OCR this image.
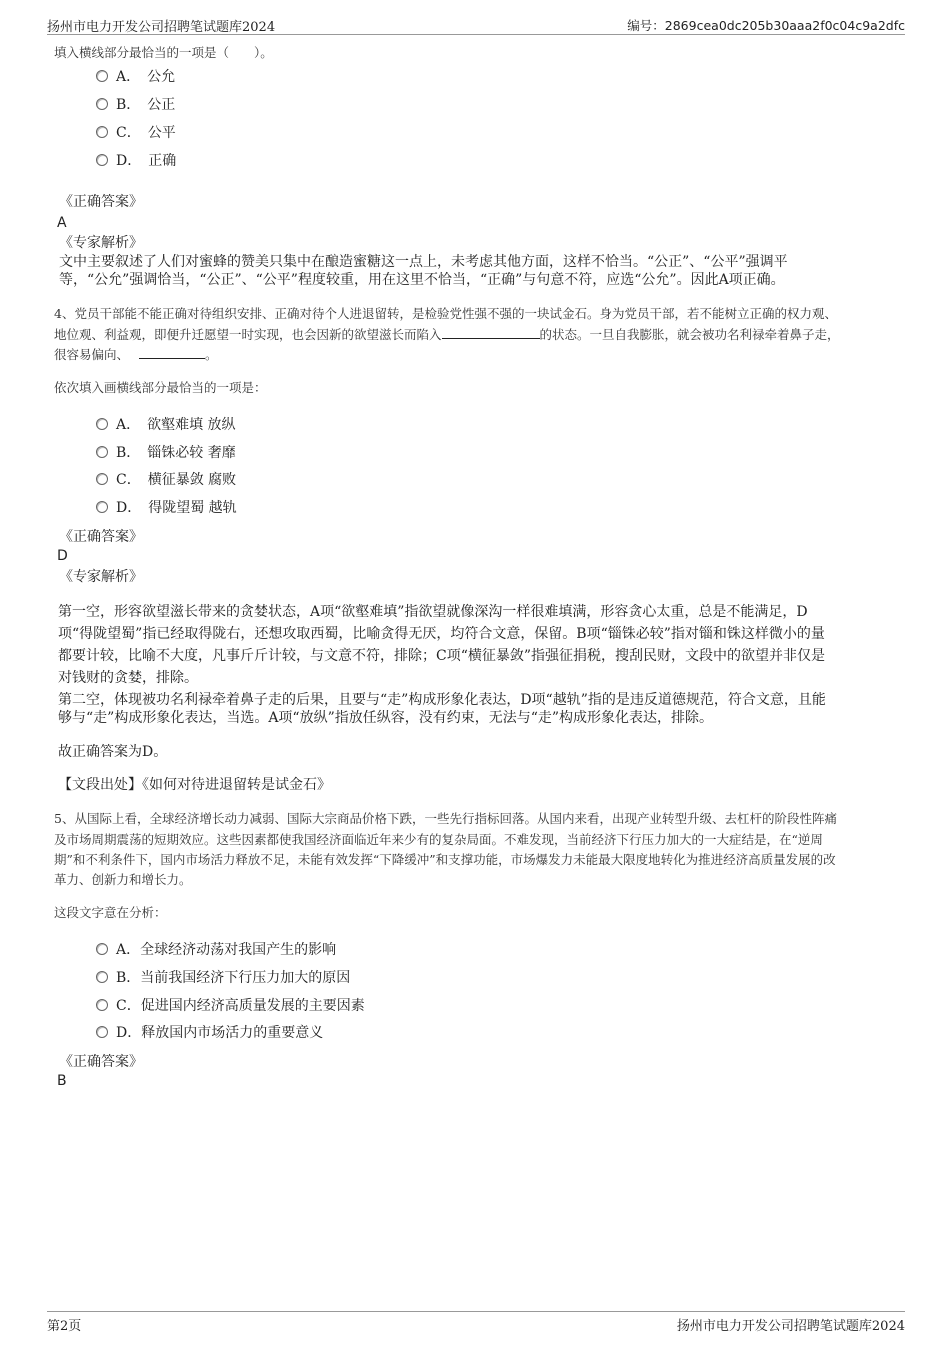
扬州市电力开发公司招聘笔试题库2024	编号：2869cea0dc205b30aaa2f0c04c9a2dfc
填入横线部分最恰当的一项是（　　）。
A．　公允
B．　公正
C．　公平
D．　正确
《正确答案》
A
《专家解析》
文中主要叙述了人们对蜜蜂的赞美只集中在酿造蜜糖这一点上，未考虑其他方面，这样不恰当。“公正”、“公平”强调平
等，“公允”强调恰当，“公正”、“公平”程度较重，用在这里不恰当，“正确”与句意不符，应选“公允”。因此A项正确。
4、党员干部能不能正确对待组织安排、正确对待个人进退留转，是检验党性强不强的一块试金石。身为党员干部，若不能树立正确的权力观、
地位观、利益观，即便升迁愿望一时实现，也会因新的欲望滋长而陷入	的状态。一旦自我膨胀，就会被功名利禄牵着鼻子走，
很容易偏向、	。
依次填入画横线部分最恰当的一项是：
A．　欲壑难填 放纵
B．　锱铢必较 奢靡
C．　横征暴敛 腐败
D．　得陇望蜀 越轨
《正确答案》
D
《专家解析》
第一空，形容欲望滋长带来的贪婪状态，A项“欲壑难填”指欲望就像深沟一样很难填满，形容贪心太重，总是不能满足，D
项“得陇望蜀”指已经取得陇右，还想攻取西蜀，比喻贪得无厌，均符合文意，保留。B项“锱铢必较”指对锱和铢这样微小的量
都要计较，比喻不大度，凡事斤斤计较，与文意不符，排除；C项“横征暴敛”指强征捐税，搜刮民财，文段中的欲望并非仅是
对钱财的贪婪，排除。
第二空，体现被功名利禄牵着鼻子走的后果，且要与“走”构成形象化表达，D项“越轨”指的是违反道德规范，符合文意，且能
够与“走”构成形象化表达，当选。A项“放纵”指放任纵容，没有约束，无法与“走”构成形象化表达，排除。
故正确答案为D。
【文段出处】《如何对待进退留转是试金石》
5、从国际上看，全球经济增长动力减弱、国际大宗商品价格下跌，一些先行指标回落。从国内来看，出现产业转型升级、去杠杆的阶段性阵痛
及市场周期震荡的短期效应。这些因素都使我国经济面临近年来少有的复杂局面。不难发现，当前经济下行压力加大的一大症结是，在“逆周
期”和不利条件下，国内市场活力释放不足，未能有效发挥“下降缓冲”和支撑功能，市场爆发力未能最大限度地转化为推进经济高质量发展的改
革力、创新力和增长力。
这段文字意在分析：
A．全球经济动荡对我国产生的影响
B．当前我国经济下行压力加大的原因
C．促进国内经济高质量发展的主要因素
D．释放国内市场活力的重要意义
《正确答案》
B
第2页	扬州市电力开发公司招聘笔试题库2024
